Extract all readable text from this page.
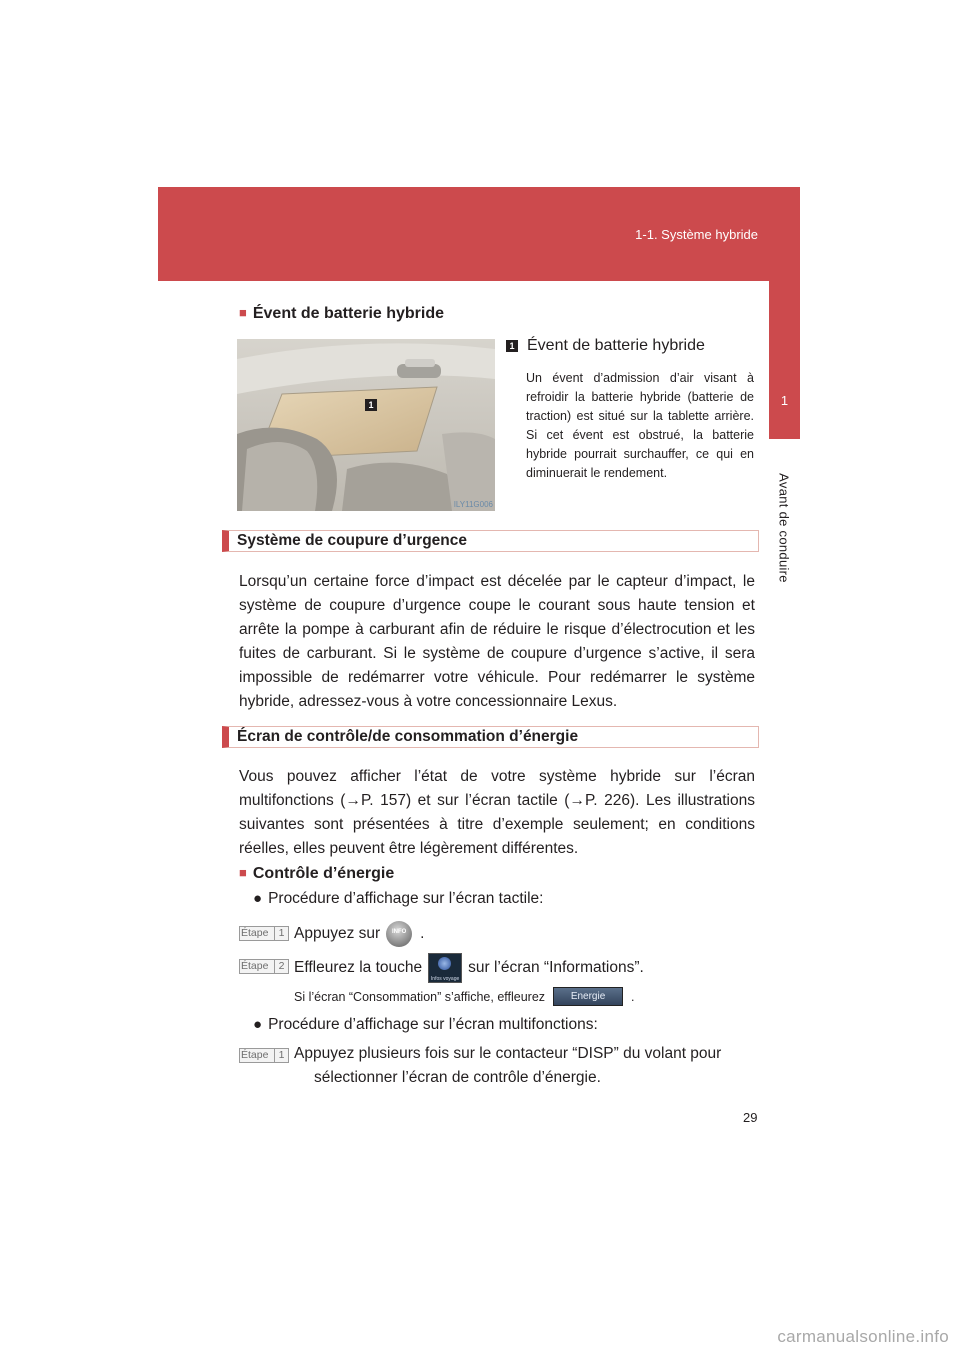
1-1. Système hybride
1
Avant de conduire
■ Évent de batterie hybride
1
ILY11G006
1 Évent de batterie hybride
Un évent d’admission d’air visant à refroidir la batterie hybride (batterie de traction) est situé sur la tablette arrière. Si cet évent est obstrué, la batterie hybride pourrait surchauffer, ce qui en diminuerait le rendement.
Système de coupure d’urgence
Lorsqu’un certaine force d’impact est décelée par le capteur d’impact, le système de coupure d’urgence coupe le courant sous haute tension et arrête la pompe à carburant afin de réduire le risque d’électrocution et les fuites de carburant. Si le système de coupure d’urgence s’active, il sera impossible de redémarrer votre véhicule. Pour redémarrer le système hybride, adressez-vous à votre concessionnaire Lexus.
Écran de contrôle/de consommation d’énergie
Vous pouvez afficher l’état de votre système hybride sur l’écran multifonctions (→P. 157) et sur l’écran tactile (→P. 226). Les illustrations suivantes sont présentées à titre d’exemple seulement; en conditions réelles, elles peuvent être légèrement différentes.
■ Contrôle d’énergie
● Procédure d’affichage sur l’écran tactile:
Étape 1 Appuyez sur	INFO .
Étape 2 Effleurez la touche
Infos voyage
sur l’écran “Informations”.
Si l’écran “Consommation” s’affiche, effleurez	Energie	.
● Procédure d’affichage sur l’écran multifonctions:
Étape 1 Appuyez plusieurs fois sur le contacteur “DISP” du volant pour
sélectionner l’écran de contrôle d’énergie.
29
carmanualsonline.info
